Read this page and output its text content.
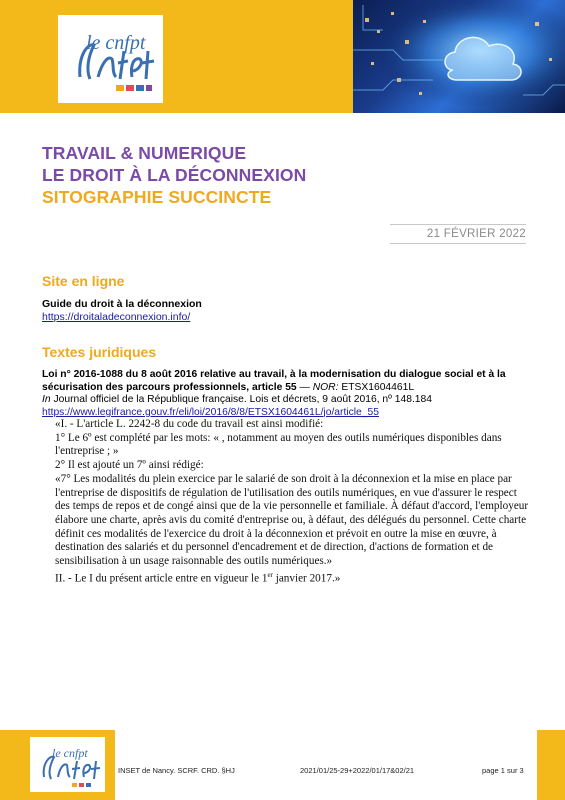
le cnfpt
TRAVAIL & NUMERIQUE
LE DROIT À LA DÉCONNEXION
SITOGRAPHIE SUCCINCTE
21 FÉVRIER 2022
Site en ligne
Guide du droit à la déconnexion
https://droitaladeconnexion.info/
Textes juridiques
Loi n° 2016-1088 du 8 août 2016 relative au travail, à la modernisation du dialogue social et à la sécurisation des parcours professionnels, article 55 — NOR: ETSX1604461L
In Journal officiel de la République française. Lois et décrets, 9 août 2016, nº 148.184
https://www.legifrance.gouv.fr/eli/loi/2016/8/8/ETSX1604461L/jo/article_55

«I. - L'article L. 2242-8 du code du travail est ainsi modifié:

1° Le 6º est complété par les mots: « , notamment au moyen des outils numériques disponibles dans l'entreprise ; »

2° Il est ajouté un 7º ainsi rédigé:

«7° Les modalités du plein exercice par le salarié de son droit à la déconnexion et la mise en place par l'entreprise de dispositifs de régulation de l'utilisation des outils numériques, en vue d'assurer le respect des temps de repos et de congé ainsi que de la vie personnelle et familiale. À défaut d'accord, l'employeur élabore une charte, après avis du comité d'entreprise ou, à défaut, des délégués du personnel. Cette charte définit ces modalités de l'exercice du droit à la déconnexion et prévoit en outre la mise en œuvre, à destination des salariés et du personnel d'encadrement et de direction, d'actions de formation et de sensibilisation à un usage raisonnable des outils numériques.»

II. - Le I du présent article entre en vigueur le 1er janvier 2017.»

le cnfpt
INSET de Nancy. SCRF. CRD. §HJ	2021/01/25-29+2022/01/17&02/21	page 1 sur 3
